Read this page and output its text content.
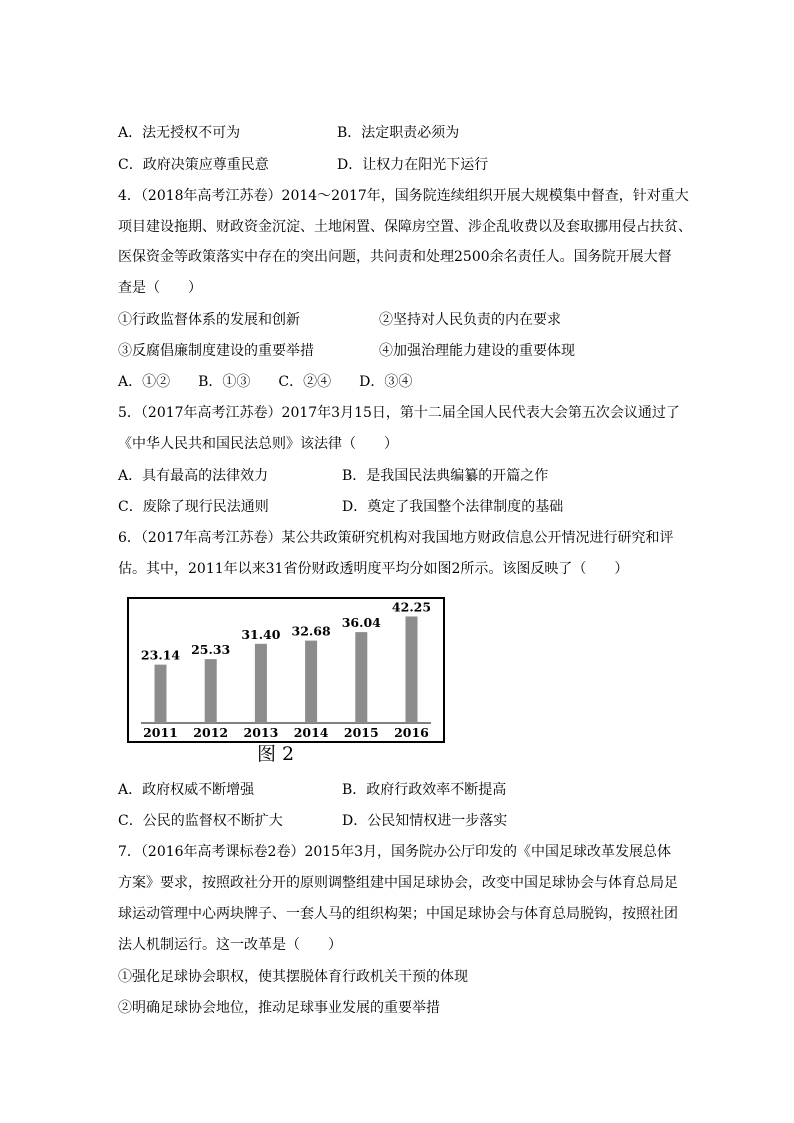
A．法无授权不可为	B．法定职责必须为
C．政府决策应尊重民意	D．让权力在阳光下运行
4．（2018年高考江苏卷）2014～2017年，国务院连续组织开展大规模集中督查，针对重大
项目建设拖期、财政资金沉淀、土地闲置、保障房空置、涉企乱收费以及套取挪用侵占扶贫、
医保资金等政策落实中存在的突出问题，共问责和处理2500余名责任人。国务院开展大督
查是（　　）
①行政监督体系的发展和创新	②坚持对人民负责的内在要求
③反腐倡廉制度建设的重要举措	④加强治理能力建设的重要体现
A．①②　　B．①③　　C．②④　　D．③④
5．（2017年高考江苏卷）2017年3月15日，第十二届全国人民代表大会第五次会议通过了
《中华人民共和国民法总则》该法律（　　）
A．具有最高的法律效力	B．是我国民法典编纂的开篇之作
C．废除了现行民法通则	D．奠定了我国整个法律制度的基础
6．（2017年高考江苏卷）某公共政策研究机构对我国地方财政信息公开情况进行研究和评
估。其中，2011年以来31省份财政透明度平均分如图2所示。该图反映了（　　）
23.14
2011
25.33
2012
31.40
2013
32.68
2014
36.04
2015
42.25
2016
图 2
A．政府权威不断增强	B．政府行政效率不断提高
C．公民的监督权不断扩大	D．公民知情权进一步落实
7．（2016年高考课标卷2卷）2015年3月，国务院办公厅印发的《中国足球改革发展总体
方案》要求，按照政社分开的原则调整组建中国足球协会，改变中国足球协会与体育总局足
球运动管理中心两块牌子、一套人马的组织构架；中国足球协会与体育总局脱钩，按照社团
法人机制运行。这一改革是（　　）
①强化足球协会职权，使其摆脱体育行政机关干预的体现
②明确足球协会地位，推动足球事业发展的重要举措
